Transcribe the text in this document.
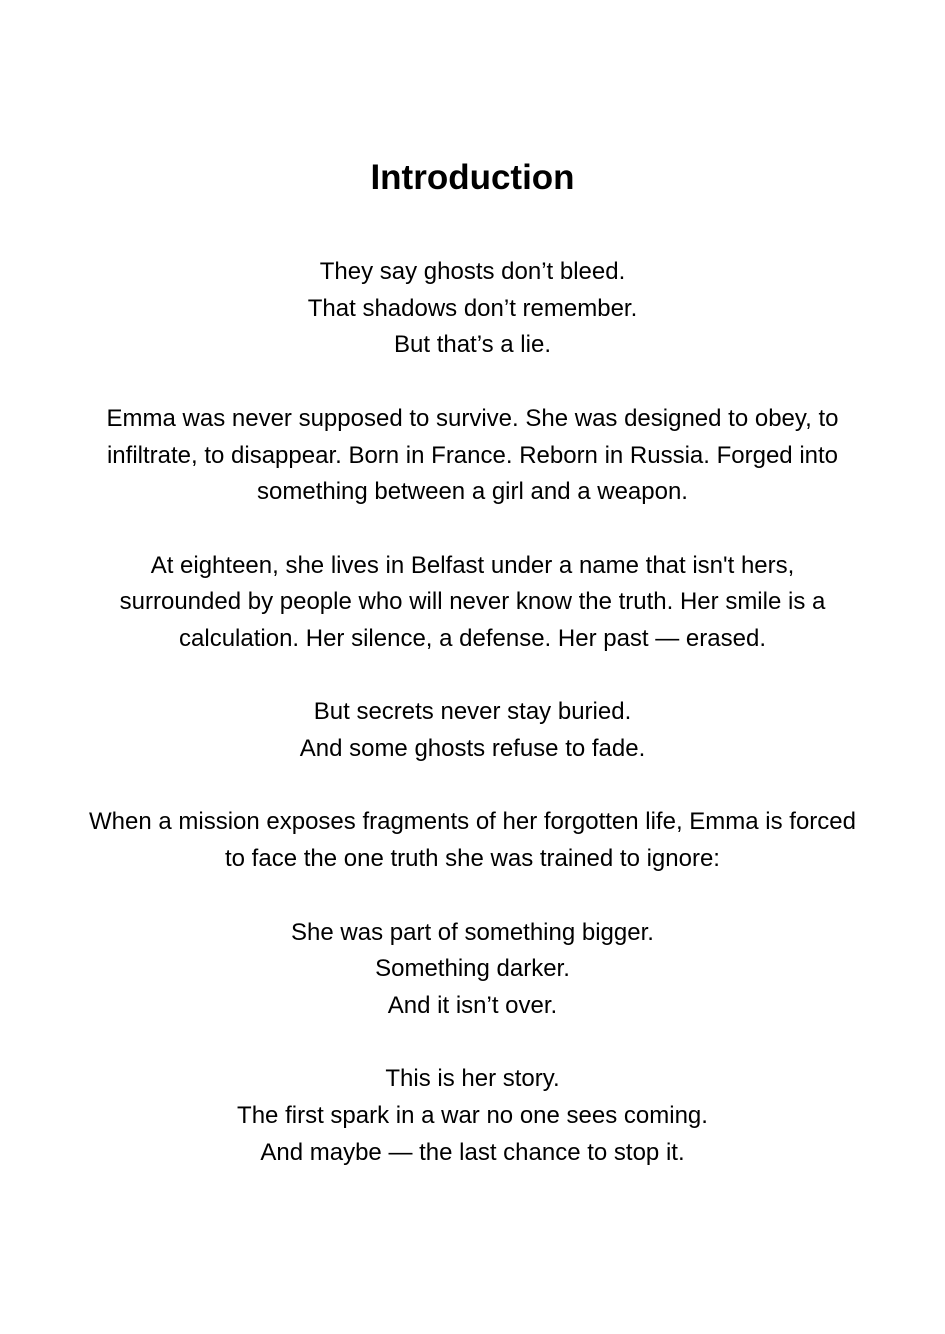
Introduction

They say ghosts don’t bleed.
That shadows don’t remember.
But that’s a lie.

Emma was never supposed to survive. She was designed to obey, to
infiltrate, to disappear. Born in France. Reborn in Russia. Forged into
something between a girl and a weapon.

At eighteen, she lives in Belfast under a name that isn't hers,
surrounded by people who will never know the truth. Her smile is a
calculation. Her silence, a defense. Her past — erased.

But secrets never stay buried.
And some ghosts refuse to fade.

When a mission exposes fragments of her forgotten life, Emma is forced
to face the one truth she was trained to ignore:

She was part of something bigger.
Something darker.
And it isn’t over.

This is her story.
The first spark in a war no one sees coming.
And maybe — the last chance to stop it.
